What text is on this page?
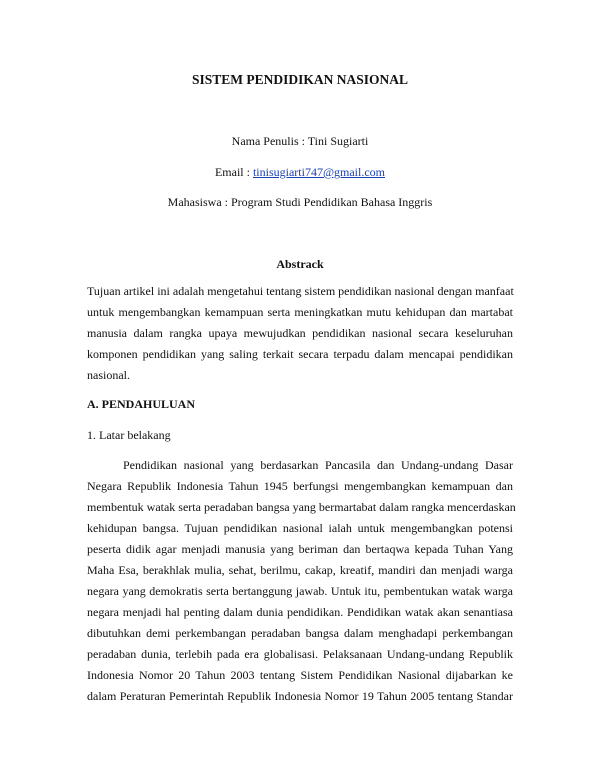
SISTEM PENDIDIKAN NASIONAL
Nama Penulis : Tini Sugiarti
Email : tinisugiarti747@gmail.com
Mahasiswa : Program Studi Pendidikan Bahasa Inggris
Abstrack
Tujuan artikel ini adalah mengetahui tentang sistem pendidikan nasional dengan manfaat
untuk mengembangkan kemampuan serta meningkatkan mutu kehidupan dan martabat
manusia dalam rangka upaya mewujudkan pendidikan nasional secara keseluruhan
komponen pendidikan yang saling terkait secara terpadu dalam mencapai pendidikan
nasional.
A. PENDAHULUAN
1. Latar belakang
Pendidikan nasional yang berdasarkan Pancasila dan Undang-undang Dasar
Negara Republik Indonesia Tahun 1945 berfungsi mengembangkan kemampuan dan
membentuk watak serta peradaban bangsa yang bermartabat dalam rangka mencerdaskan
kehidupan bangsa. Tujuan pendidikan nasional ialah untuk mengembangkan potensi
peserta didik agar menjadi manusia yang beriman dan bertaqwa kepada Tuhan Yang
Maha Esa, berakhlak mulia, sehat, berilmu, cakap, kreatif, mandiri dan menjadi warga
negara yang demokratis serta bertanggung jawab. Untuk itu, pembentukan watak warga
negara menjadi hal penting dalam dunia pendidikan. Pendidikan watak akan senantiasa
dibutuhkan demi perkembangan peradaban bangsa dalam menghadapi perkembangan
peradaban dunia, terlebih pada era globalisasi. Pelaksanaan Undang-undang Republik
Indonesia Nomor 20 Tahun 2003 tentang Sistem Pendidikan Nasional dijabarkan ke
dalam Peraturan Pemerintah Republik Indonesia Nomor 19 Tahun 2005 tentang Standar
